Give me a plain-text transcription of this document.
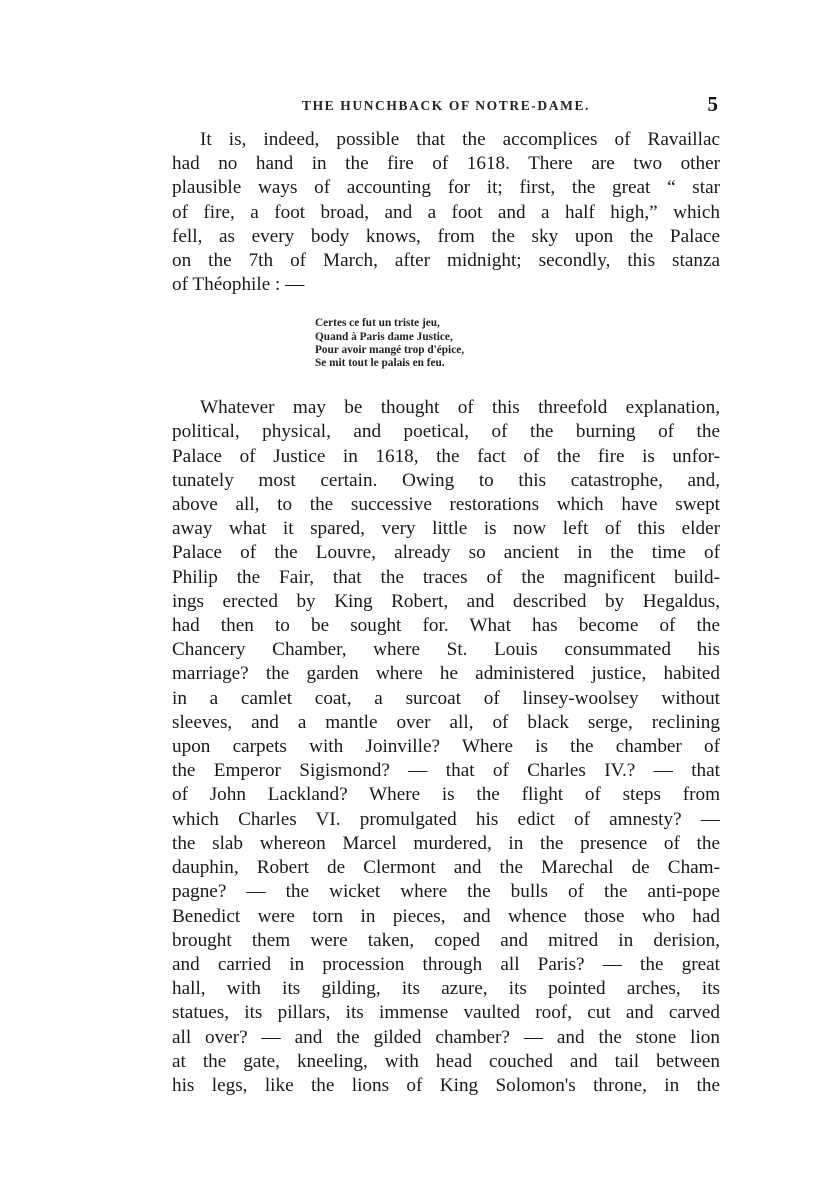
THE HUNCHBACK OF NOTRE-DAME.	5
It is, indeed, possible that the accomplices of Ravaillac
had no hand in the fire of 1618. There are two other
plausible ways of accounting for it; first, the great “ star
of fire, a foot broad, and a foot and a half high,” which
fell, as every body knows, from the sky upon the Palace
on the 7th of March, after midnight; secondly, this stanza
of Théophile : —
Certes ce fut un triste jeu,
Quand à Paris dame Justice,
Pour avoir mangé trop d'épice,
Se mit tout le palais en feu.
Whatever may be thought of this threefold explanation,
political, physical, and poetical, of the burning of the
Palace of Justice in 1618, the fact of the fire is unfor-
tunately most certain. Owing to this catastrophe, and,
above all, to the successive restorations which have swept
away what it spared, very little is now left of this elder
Palace of the Louvre, already so ancient in the time of
Philip the Fair, that the traces of the magnificent build-
ings erected by King Robert, and described by Hegaldus,
had then to be sought for. What has become of the
Chancery Chamber, where St. Louis consummated his
marriage? the garden where he administered justice, habited
in a camlet coat, a surcoat of linsey-woolsey without
sleeves, and a mantle over all, of black serge, reclining
upon carpets with Joinville? Where is the chamber of
the Emperor Sigismond? — that of Charles IV.? — that
of John Lackland? Where is the flight of steps from
which Charles VI. promulgated his edict of amnesty? —
the slab whereon Marcel murdered, in the presence of the
dauphin, Robert de Clermont and the Marechal de Cham-
pagne? — the wicket where the bulls of the anti-pope
Benedict were torn in pieces, and whence those who had
brought them were taken, coped and mitred in derision,
and carried in procession through all Paris? — the great
hall, with its gilding, its azure, its pointed arches, its
statues, its pillars, its immense vaulted roof, cut and carved
all over? — and the gilded chamber? — and the stone lion
at the gate, kneeling, with head couched and tail between
his legs, like the lions of King Solomon's throne, in the
